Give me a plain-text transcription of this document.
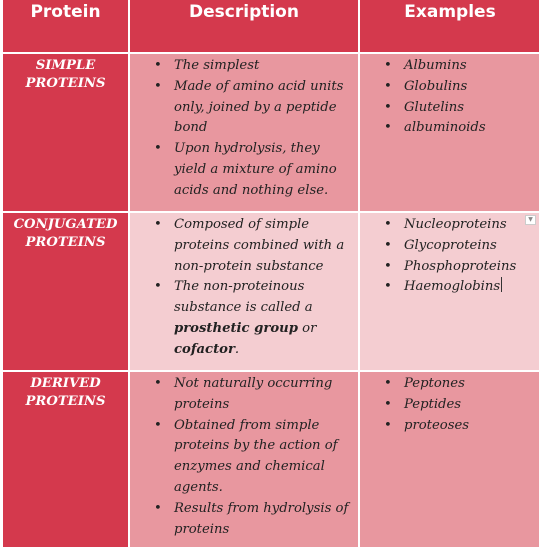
Protein	Description	Examples
SIMPLE
PROTEINS
• The simplest
• Made of amino acid units only, joined by a peptide bond
• Upon hydrolysis, they yield a mixture of amino acids and nothing else.
• Albumins
• Globulins
• Glutelins
• albuminoids
CONJUGATED
PROTEINS
• Composed of simple proteins combined with a non-protein substance
• The non-proteinous substance is called a prosthetic group or cofactor.
▼
• Nucleoproteins
• Glycoproteins
• Phosphoproteins
• Haemoglobins
DERIVED
PROTEINS
• Not naturally occurring proteins
• Obtained from simple proteins by the action of enzymes and chemical agents.
• Results from hydrolysis of proteins
• Peptones
• Peptides
• proteoses
